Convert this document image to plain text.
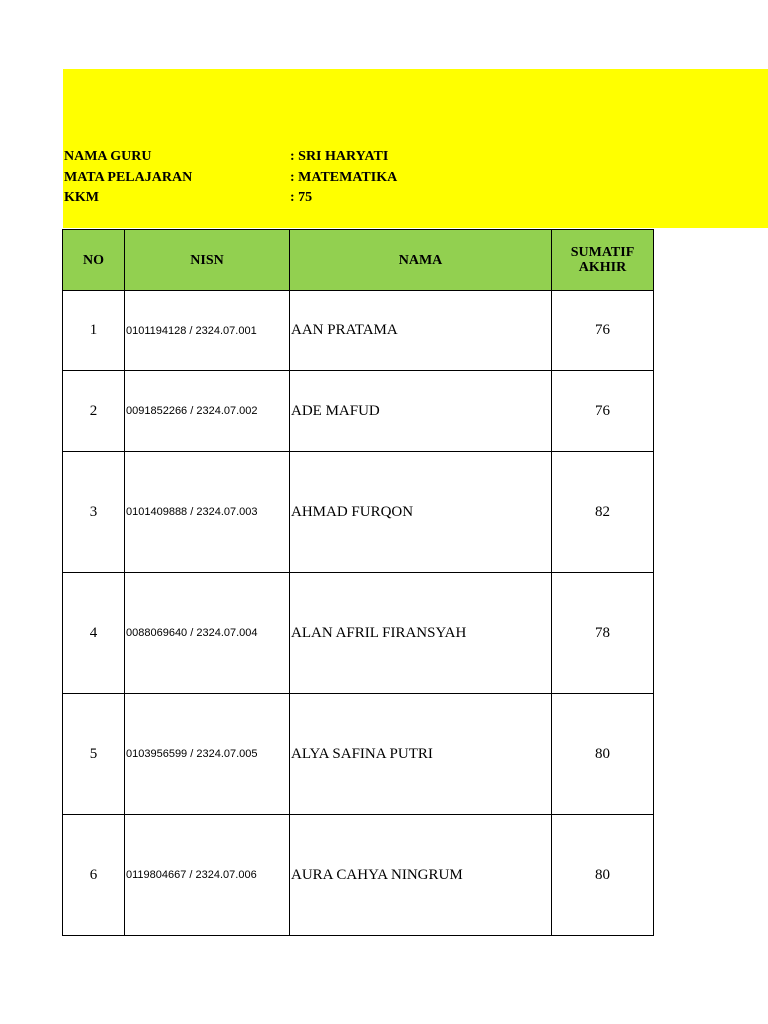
NAMA GURU	: SRI HARYATI
MATA PELAJARAN	: MATEMATIKA
KKM	: 75
NO	NISN	NAMA	SUMATIF
AKHIR
1	0101194128 / 2324.07.001	AAN PRATAMA	76
2	0091852266 / 2324.07.002	ADE MAFUD	76
3	0101409888 / 2324.07.003	AHMAD FURQON	82
4	0088069640 / 2324.07.004	ALAN AFRIL FIRANSYAH	78
5	0103956599 / 2324.07.005	ALYA SAFINA PUTRI	80
6	0119804667 / 2324.07.006	AURA CAHYA NINGRUM	80
